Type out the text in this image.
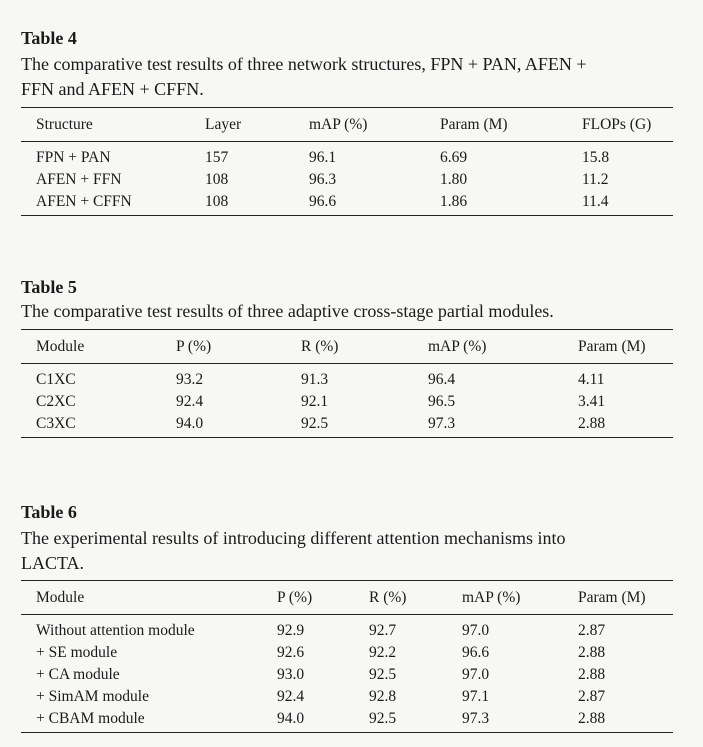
Table 4
The comparative test results of three network structures, FPN + PAN, AFEN +
FFN and AFEN + CFFN.
Structure	Layer	mAP (%)	Param (M)	FLOPs (G)
FPN + PAN	157	96.1	6.69	15.8
AFEN + FFN	108	96.3	1.80	11.2
AFEN + CFFN	108	96.6	1.86	11.4
Table 5
The comparative test results of three adaptive cross-stage partial modules.
Module	P (%)	R (%)	mAP (%)	Param (M)
C1XC	93.2	91.3	96.4	4.11
C2XC	92.4	92.1	96.5	3.41
C3XC	94.0	92.5	97.3	2.88
Table 6
The experimental results of introducing different attention mechanisms into
LACTA.
Module	P (%)	R (%)	mAP (%)	Param (M)
Without attention module	92.9	92.7	97.0	2.87
+ SE module	92.6	92.2	96.6	2.88
+ CA module	93.0	92.5	97.0	2.88
+ SimAM module	92.4	92.8	97.1	2.87
+ CBAM module	94.0	92.5	97.3	2.88
